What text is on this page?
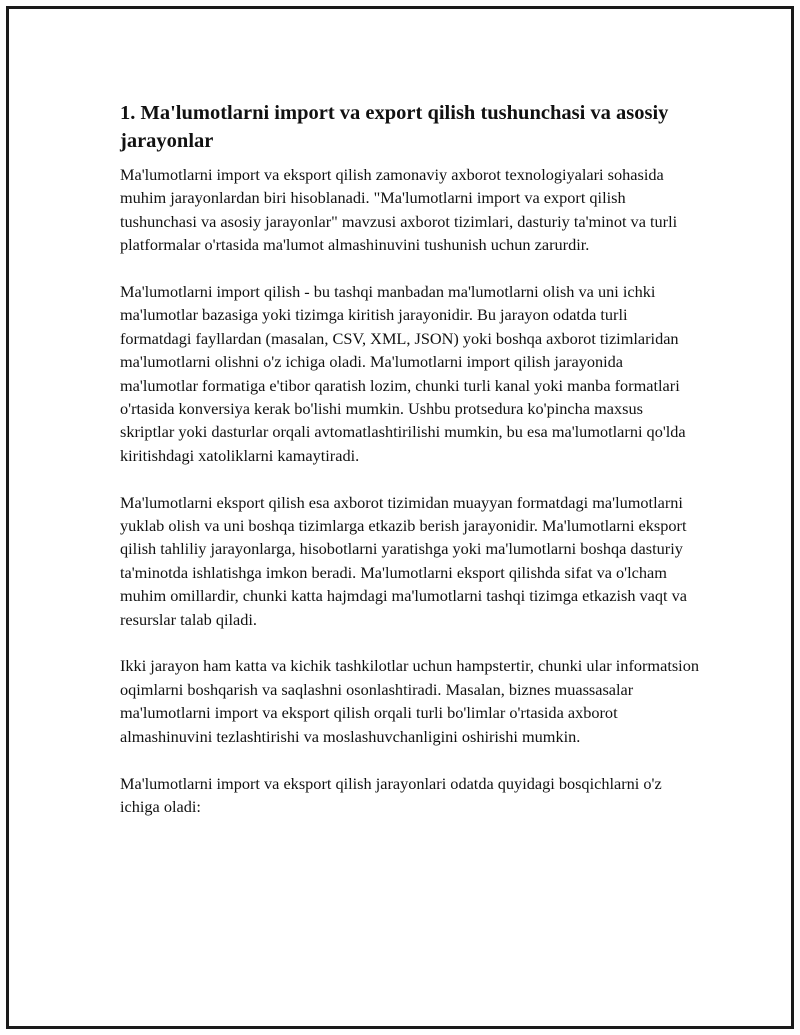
1. Ma'lumotlarni import va export qilish tushunchasi va asosiy jarayonlar

Ma'lumotlarni import va eksport qilish zamonaviy axborot texnologiyalari sohasida muhim jarayonlardan biri hisoblanadi. "Ma'lumotlarni import va export qilish tushunchasi va asosiy jarayonlar" mavzusi axborot tizimlari, dasturiy ta'minot va turli platformalar o'rtasida ma'lumot almashinuvini tushunish uchun zarurdir.

Ma'lumotlarni import qilish - bu tashqi manbadan ma'lumotlarni olish va uni ichki ma'lumotlar bazasiga yoki tizimga kiritish jarayonidir. Bu jarayon odatda turli formatdagi fayllardan (masalan, CSV, XML, JSON) yoki boshqa axborot tizimlaridan ma'lumotlarni olishni o'z ichiga oladi. Ma'lumotlarni import qilish jarayonida ma'lumotlar formatiga e'tibor qaratish lozim, chunki turli kanal yoki manba formatlari o'rtasida konversiya kerak bo'lishi mumkin. Ushbu protsedura ko'pincha maxsus skriptlar yoki dasturlar orqali avtomatlashtirilishi mumkin, bu esa ma'lumotlarni qo'lda kiritishdagi xatoliklarni kamaytiradi.

Ma'lumotlarni eksport qilish esa axborot tizimidan muayyan formatdagi ma'lumotlarni yuklab olish va uni boshqa tizimlarga etkazib berish jarayonidir. Ma'lumotlarni eksport qilish tahliliy jarayonlarga, hisobotlarni yaratishga yoki ma'lumotlarni boshqa dasturiy ta'minotda ishlatishga imkon beradi. Ma'lumotlarni eksport qilishda sifat va o'lcham muhim omillardir, chunki katta hajmdagi ma'lumotlarni tashqi tizimga etkazish vaqt va resurslar talab qiladi.

Ikki jarayon ham katta va kichik tashkilotlar uchun hampstertir, chunki ular informatsion oqimlarni boshqarish va saqlashni osonlashtiradi. Masalan, biznes muassasalar ma'lumotlarni import va eksport qilish orqali turli bo'limlar o'rtasida axborot almashinuvini tezlashtirishi va moslashuvchanligini oshirishi mumkin.

Ma'lumotlarni import va eksport qilish jarayonlari odatda quyidagi bosqichlarni o'z ichiga oladi:
